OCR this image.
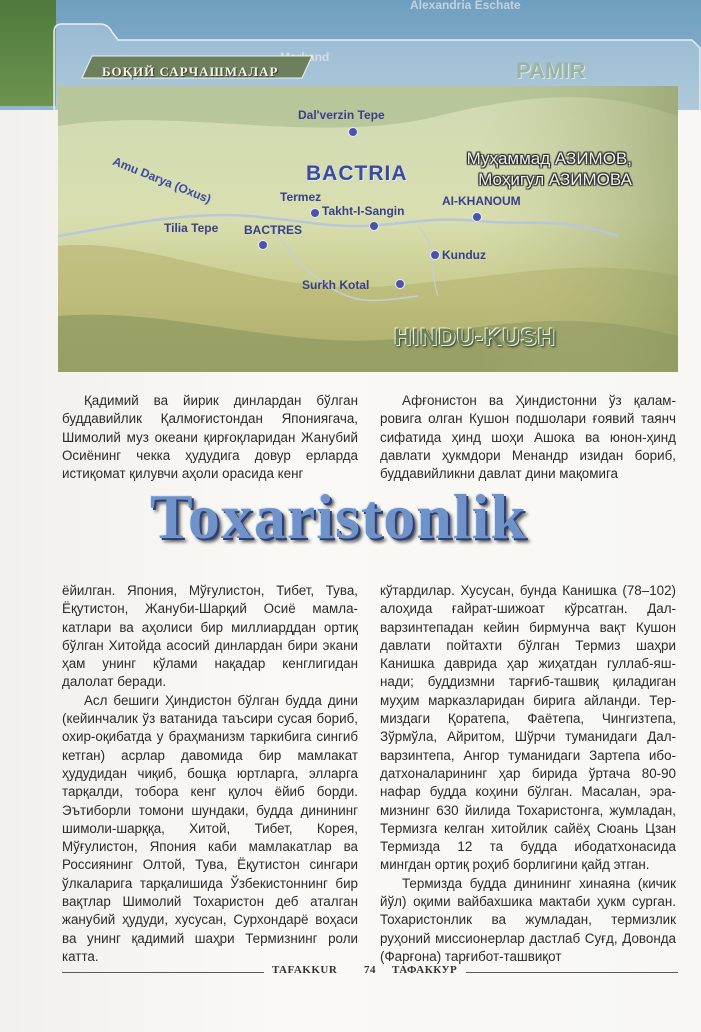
Alexandria Eschate
БОҚИЙ САРЧАШМАЛАР
Dal'verzin Tepe
Termez
Takht-I-Sangin
AI-KHANOUM
Tilia Tepe BACTRES
Kunduz
Surkh Kotal
Amu Darya (Oxus)	BACTRIA
HINDU-KUSH
Муҳаммад АЗИМОВ,
Моҳигул АЗИМОВА
PAMIR

Қадимий ва йирик динлардан бўлган буддавийлик Қалмоғистондан Япониягача, Шимолий муз океани қирғоқларидан Жанубий Осиёнинг чекка ҳудудига довур ерларда истиқомат қилувчи аҳоли орасида кенг

Афғонистон ва Ҳиндистонни ўз қаламровига олган Кушон подшолари ғоявий таянч сифатида ҳинд шоҳи Ашока ва юнон-ҳинд давлати ҳукмдори Менандр изидан бориб, буддавийликни давлат дини мақомига

Toxaristonlik

ёйилган. Япония, Мўғулистон, Тибет, Тува, Ёқутистон, Жануби-Шарқий Осиё мамлакатлари ва аҳолиси бир миллиарддан ортиқ бўлган Хитойда асосий динлардан бири экани ҳам унинг кўлами нақадар кенглигидан далолат беради.

Асл бешиги Ҳиндистон бўлган будда дини (кейинчалик ўз ватанида таъсири сусая бориб, охир-оқибатда у браҳманизм таркибига сингиб кетган) асрлар давомида бир мамлакат ҳудудидан чиқиб, бошқа юртларга, элларга тарқалди, тобора кенг қулоч ёйиб борди. Эътиборли томони шундаки, будда динининг шимоли-шарққа, Хитой, Тибет, Корея, Мўғулистон, Япония каби мамлакатлар ва Россиянинг Олтой, Тува, Ёқутистон сингари ўлкаларига тарқалишида Ўзбекистоннинг бир вақтлар Шимолий Тохаристон деб аталган жанубий ҳудуди, хусусан, Сурхондарё воҳаси ва унинг қадимий шаҳри Термизнинг роли катта.

кўтардилар. Хусусан, бунда Канишка (78–102) алоҳида ғайрат-шижоат кўрсатган. Далварзинтепадан кейин бирмунча вақт Кушон давлати пойтахти бўлган Термиз шаҳри Канишка даврида ҳар жиҳатдан гуллаб-яшнади; буддизмни тарғиб-ташвиқ қиладиган муҳим марказларидан бирига айланди. Термиздаги Қоратепа, Фаётепа, Чингизтепа, Зўрмўла, Айритом, Шўрчи туманидаги Далварзинтепа, Ангор туманидаги Зартепа ибодатхоналарининг ҳар бирида ўртача 80-90 нафар будда коҳини бўлган. Масалан, эрамизнинг 630 йилида Тохаристонга, жумладан, Термизга келган хитойлик сайёҳ Сюань Цзан Термизда 12 та будда ибодатхонасида мингдан ортиқ роҳиб борлигини қайд этган.

Термизда будда динининг хинаяна (кичик йўл) оқими вайбахшика мактаби ҳукм сурган. Тохаристонлик ва жумладан, термизлик руҳоний миссионерлар дастлаб Суғд, Довонда (Фарғона) тарғибот-ташвиқот

TAFAKKUR 74 ТАФАККУР
